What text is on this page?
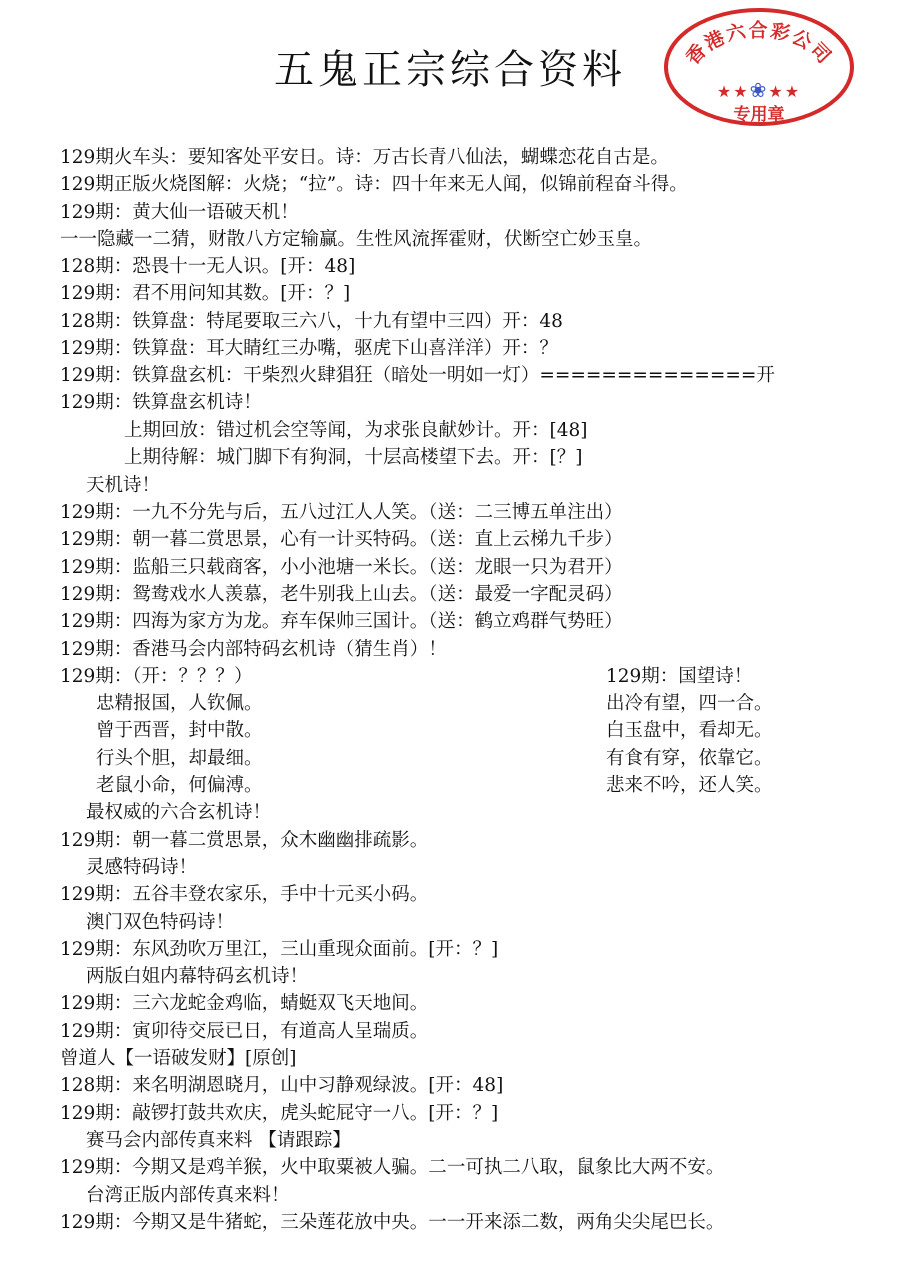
五鬼正宗综合资料	香港六合彩公司
★★❀★★
专用章
129期火车头：要知客处平安日。诗：万古长青八仙法，蝴蝶恋花自古是。
129期正版火烧图解：火烧；“拉”。诗：四十年来无人闻，似锦前程奋斗得。
129期：黄大仙一语破天机！
一一隐藏一二猜，财散八方定输赢。生性风流挥霍财，伏断空亡妙玉皇。
128期：恐畏十一无人识。[开：48]
129期：君不用问知其数。[开：？]
128期：铁算盘：特尾要取三六八，十九有望中三四）开：48
129期：铁算盘：耳大睛红三办嘴，驱虎下山喜洋洋）开：？
129期：铁算盘玄机：干柴烈火肆猖狂（暗处一明如一灯）==============开
129期：铁算盘玄机诗！
上期回放：错过机会空等闻，为求张良献妙计。开：[48]
上期待解：城门脚下有狗洞，十层高楼望下去。开：[？]
天机诗！
129期：一九不分先与后，五八过江人人笑。（送：二三博五单注出）
129期：朝一暮二赏思景，心有一计买特码。（送：直上云梯九千步）
129期：监船三只载商客，小小池塘一米长。（送：龙眼一只为君开）
129期：鸳鸯戏水人羡慕，老牛别我上山去。（送：最爱一字配灵码）
129期：四海为家方为龙。弃车保帅三国计。（送：鹤立鸡群气势旺）
129期：香港马会内部特码玄机诗（猜生肖）！
129期：（开：？？？）
忠精报国，人钦佩。
曾于西晋，封中散。
行头个胆，却最细。
老鼠小命，何偏溥。
最权威的六合玄机诗！
129期：朝一暮二赏思景，众木幽幽排疏影。
灵感特码诗！
129期：五谷丰登农家乐，手中十元买小码。
澳门双色特码诗！
129期：东风劲吹万里江，三山重现众面前。[开：？]
两版白姐内幕特码玄机诗！
129期：三六龙蛇金鸡临，蜻蜓双飞天地间。
129期：寅卯待交辰已日，有道高人呈瑞质。
曾道人【一语破发财】[原创]
128期：来名明湖恩晓月，山中习静观绿波。[开：48]
129期：敲锣打鼓共欢庆，虎头蛇屁守一八。[开：？]
赛马会内部传真来料 【请跟踪】
129期：今期又是鸡羊猴，火中取粟被人骗。二一可执二八取，鼠象比大两不安。
台湾正版内部传真来料！
129期：今期又是牛猪蛇，三朵莲花放中央。一一开来添二数，两角尖尖尾巴长。
129期：国望诗！
出冷有望，四一合。
白玉盘中，看却无。
有食有穿，依靠它。
悲来不吟，还人笑。
